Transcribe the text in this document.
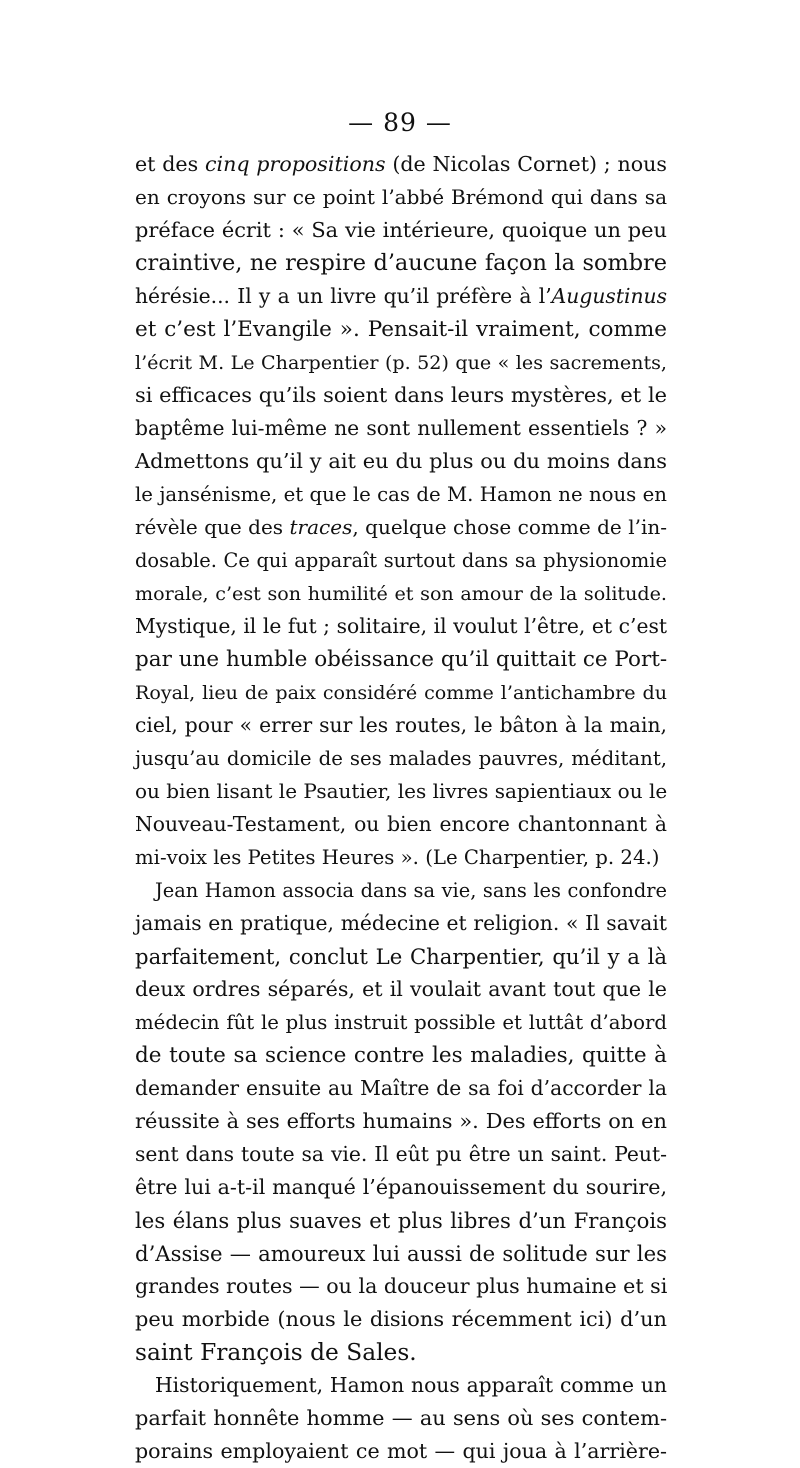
— 89 —
et des cinq propositions (de Nicolas Cornet) ; nous
en croyons sur ce point l’abbé Brémond qui dans sa
préface écrit : « Sa vie intérieure, quoique un peu
craintive, ne respire d’aucune façon la sombre
hérésie... Il y a un livre qu’il préfère à l’Augustinus
et c’est l’Evangile ». Pensait-il vraiment, comme
l’écrit M. Le Charpentier (p. 52) que « les sacrements,
si efficaces qu’ils soient dans leurs mystères, et le
baptême lui-même ne sont nullement essentiels ? »
Admettons qu’il y ait eu du plus ou du moins dans
le jansénisme, et que le cas de M. Hamon ne nous en
révèle que des traces, quelque chose comme de l’in-
dosable. Ce qui apparaît surtout dans sa physionomie
morale, c’est son humilité et son amour de la solitude.
Mystique, il le fut ; solitaire, il voulut l’être, et c’est
par une humble obéissance qu’il quittait ce Port-
Royal, lieu de paix considéré comme l’antichambre du
ciel, pour « errer sur les routes, le bâton à la main,
jusqu’au domicile de ses malades pauvres, méditant,
ou bien lisant le Psautier, les livres sapientiaux ou le
Nouveau-Testament, ou bien encore chantonnant à
mi-voix les Petites Heures ». (Le Charpentier, p. 24.)
Jean Hamon associa dans sa vie, sans les confondre
jamais en pratique, médecine et religion. « Il savait
parfaitement, conclut Le Charpentier, qu’il y a là
deux ordres séparés, et il voulait avant tout que le
médecin fût le plus instruit possible et luttât d’abord
de toute sa science contre les maladies, quitte à
demander ensuite au Maître de sa foi d’accorder la
réussite à ses efforts humains ». Des efforts on en
sent dans toute sa vie. Il eût pu être un saint. Peut-
être lui a-t-il manqué l’épanouissement du sourire,
les élans plus suaves et plus libres d’un François
d’Assise — amoureux lui aussi de solitude sur les
grandes routes — ou la douceur plus humaine et si
peu morbide (nous le disions récemment ici) d’un
saint François de Sales.
Historiquement, Hamon nous apparaît comme un
parfait honnête homme — au sens où ses contem-
porains employaient ce mot — qui joua à l’arrière-
